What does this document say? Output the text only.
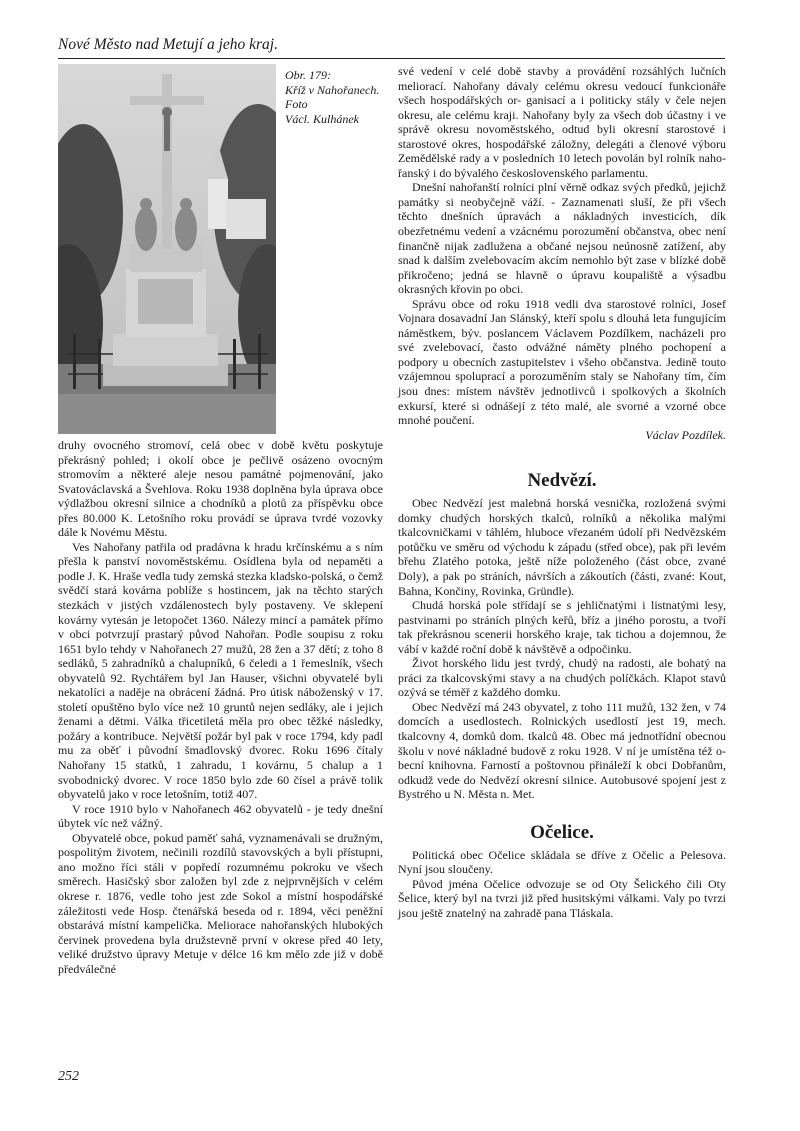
Nové Město nad Metují a jeho kraj.
Obr. 179:
Kříž v Nahořanech.
Foto
Václ. Kulhánek

druhy ovocného stromoví, celá obec v době květu poskytuje překrásný pohled; i okolí obce je pečlivě osázeno ovocným stromovím a některé aleje nesou památné pojmenování, jako Svatováclavská a Švehlova. Roku 1938 doplněna byla úprava obce výdlažbou okresní silnice a chodníků a plotů za příspěvku obce přes 80.000 K. Letošního roku provádí se úprava tvrdé vozovky dále k Novému Městu.

Ves Nahořany patřila od pradávna k hradu krčínskému a s ním přešla k panství novoměstskému. Osídlena byla od nepaměti a podle J. K. Hraše vedla tudy zemská stezka kladsko-polská, o čemž svědčí stará kovárna poblíže s hostincem, jak na těchto starých stezkách v jistých vzdálenostech byly postaveny. Ve sklepení kovárny vytesán je letopočet 1360. Nálezy mincí a památek přímo v obci potvrzují prastarý původ Nahořan. Podle soupisu z roku 1651 bylo tehdy v Nahořanech 27 mužů, 28 žen a 37 dětí; z toho 8 sedláků, 5 zahradníků a chalupníků, 6 čeledi a 1 řemeslník, všech obyvatelů 92. Rychtářem byl Jan Hauser, všichni obyvatelé byli nekatolíci a naděje na obrácení žádná. Pro útisk náboženský v 17. století opuštěno bylo více než 10 gruntů nejen sedláky, ale i jejich ženami a dětmi. Válka třicetiletá měla pro obec těžké následky, požáry a kontribuce. Největší požár byl pak v roce 1794, kdy padl mu za oběť i původní šmadlovský dvorec. Roku 1696 čítaly Nahořany 15 statků, 1 zahradu, 1 kovárnu, 5 chalup a 1 svobodnický dvorec. V roce 1850 bylo zde 60 čísel a právě tolik obyvatelů jako v roce letošním, totiž 407.

V roce 1910 bylo v Nahořanech 462 obyvatelů - je tedy dnešní úbytek víc než vážný.

Obyvatelé obce, pokud paměť sahá, vyznamenávali se družným, pospolitým životem, nečinili rozdílů stavovských a byli přístupni, ano možno říci stáli v popředí rozumnému pokroku ve všech směrech. Hasičský sbor založen byl zde z nejprvnějších v celém okrese r. 1876, vedle toho jest zde Sokol a místní hospodářské záležitosti vede Hosp. čtenářská beseda od r. 1894, věci peněžní obstarává místní kampelička. Meliorace nahořanských hlubokých červinek provedena byla družstevně první v okrese před 40 lety, veliké družstvo úpravy Metuje v délce 16 km mělo zde již v době předválečné

své vedení v celé době stavby a provádění rozsáhlých lučních meliorací. Nahořany dávaly celému okresu vedoucí funkcionáře všech hospodářských or- ganisací a i politicky stály v čele nejen okresu, ale celému kraji. Nahořany byly za všech dob účastny i ve správě okresu novoměstského, odtud byli okresní starostové i starostové okres, hospodářské záložny, delegáti a členové výboru Zemědělské rady a v posledních 10 letech povolán byl rolník naho- řanský i do bývalého československého parlamentu.

Dnešní nahořanští rolníci plní věrně odkaz svých předků, jejichž památky si neobyčejně váží. - Zaznamenati sluší, že při všech těchto dnešních úpravách a nákladných investicích, dík obezřetnému vedení a vzácnému porozumění občanstva, obec není finančně nijak zadlužena a občané nejsou neúnosně zatížení, aby snad k dalším zvelebovacím akcím nemohlo být zase v blízké době přikročeno; jedná se hlavně o úpravu koupaliště a výsadbu okrasných křovin po obci.

Správu obce od roku 1918 vedli dva starostové rolníci, Josef Vojnara dosavadní Jan Slánský, kteří spolu s dlouhá leta fungujícím náměstkem, býv. poslancem Václavem Pozdílkem, nacházeli pro své zvelebovací, často odvážné náměty plného pochopení a podpory u obecních zastupitelstev i všeho občanstva. Jedině touto vzájemnou spoluprací a porozuměním staly se Nahořany tím, čím jsou dnes: místem návštěv jednotlivců i spolkových a školních exkursí, které si odnášejí z této malé, ale svorné a vzorné obce mnohé poučení.

Václav Pozdílek.

Nedvězí.

Obec Nedvězí jest malebná horská vesnička, rozložená svými domky chudých horských tkalců, rolníků a několika malými tkalcovničkami v táhlém, hluboce vřezaném údolí při Nedvězském potůčku ve směru od východu k západu (střed obce), pak při levém břehu Zlatého potoka, ještě níže položeného (část obce, zvané Doly), a pak po stráních, návrších a zákoutích (části, zvané: Kout, Bahna, Končiny, Rovinka, Gründle).

Chudá horská pole střídají se s jehličnatými i listnatými lesy, pastvinami po stráních plných keřů, bříz a jiného porostu, a tvoří tak překrásnou scenerii horského kraje, tak tichou a dojemnou, že vábí v každé roční době k návštěvě a odpočinku.

Život horského lidu jest tvrdý, chudý na radosti, ale bohatý na práci za tkalcovskými stavy a na chudých políčkách. Klapot stavů ozývá se téměř z každého domku.

Obec Nedvězí má 243 obyvatel, z toho 111 mužů, 132 žen, v 74 domcích a usedlostech. Rolnických usedlostí jest 19, mech. tkalcovny 4, domků dom. tkalců 48. Obec má jednotřídní obecnou školu v nové nákladné budově z roku 1928. V ní je umístěna též o- becní knihovna. Farností a poštovnou přináleží k obci Dobřanům, odkudž vede do Nedvězí okresní silnice. Autobusové spojení jest z Bystrého u N. Města n. Met.

Očelice.

Politická obec Očelice skládala se dříve z Očelic a Pelesova. Nyní jsou sloučeny.

Původ jména Očelice odvozuje se od Oty Šelického čili Oty Šelice, který byl na tvrzi již před husitskými válkami. Valy po tvrzi jsou ještě znatelný na zahradě pana Tláskala.

252
